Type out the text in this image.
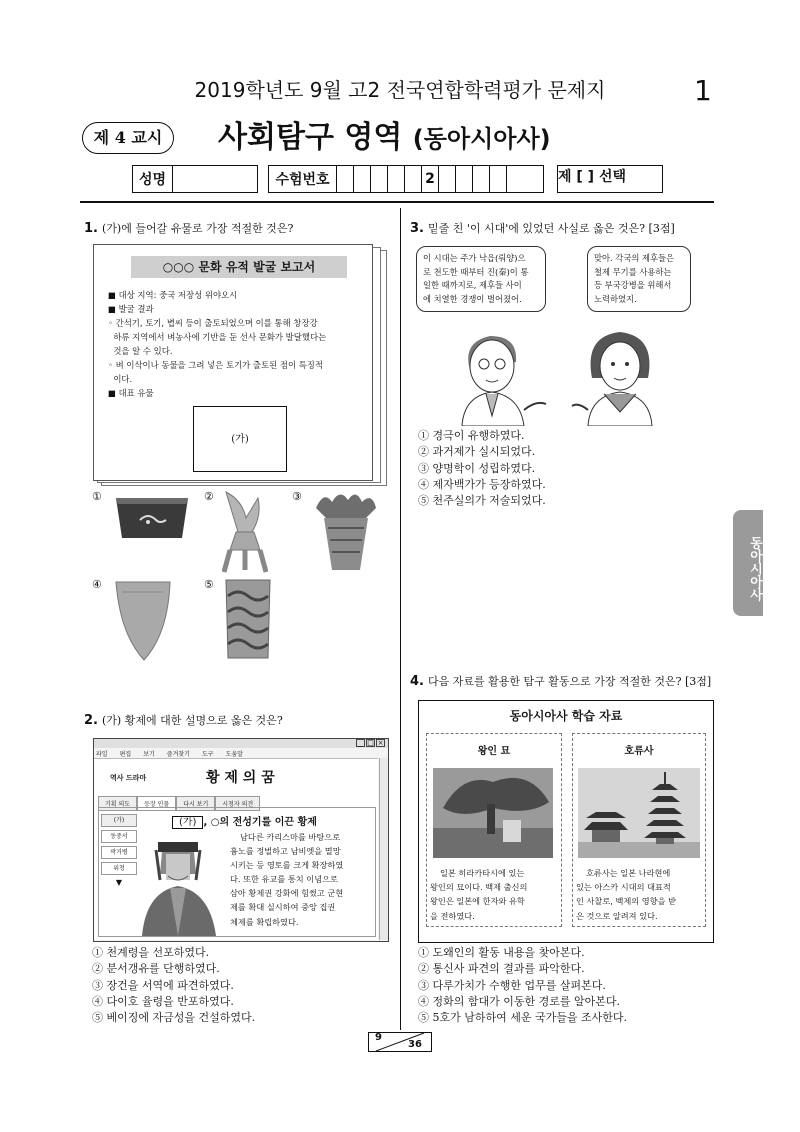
2019학년도 9월 고2 전국연합학력평가 문제지	1
제 4 교시	사회탐구 영역 (동아시아사)
성명	수험번호	2	제 [ ] 선택
동아시아사
1. (가)에 들어갈 유물로 가장 적절한 것은?
○○○ 문화 유적 발굴 보고서
■ 대상 지역: 중국 저장성 위야오시
■ 발굴 결과
◦ 간석기, 토기, 볍씨 등이 출토되었으며 이를 통해 창장강
하류 지역에서 벼농사에 기반을 둔 선사 문화가 발달했다는
것을 알 수 있다.
◦ 벼 이삭이나 동물을 그려 넣은 토기가 출토된 점이 특징적
이다.
■ 대표 유물
(가)
①	②	③
④	⑤
2. (가) 황제에 대한 설명으로 옳은 것은?
_ □ ×
파일 편집 보기 즐겨찾기 도구 도움말
역사 드라마	황 제 의 꿈
기획 의도	등장 인물	다시 보기	시청자 의견
(가)
동중서
곽거병
위청
▼
(가) , ○의 전성기를 이끈 황제
남다른 카리스마를 바탕으로
흉노를 정벌하고 남비엣을 멸망
시키는 등 영토를 크게 확장하였
다. 또한 유교를 통치 이념으로
삼아 황제권 강화에 힘썼고 군현
제를 확대 실시하여 중앙 집권
체제를 확립하였다.
① 천계령을 선포하였다.
② 분서갱유를 단행하였다.
③ 장건을 서역에 파견하였다.
④ 다이호 율령을 반포하였다.
⑤ 베이징에 자금성을 건설하였다.
3. 밑줄 친 '이 시대'에 있었던 사실로 옳은 것은? [3점]
이 시대는 주가 낙읍(뤄양)으
로 천도한 때부터 진(秦)이 통
일한 때까지로, 제후들 사이
에 치열한 경쟁이 벌어졌어.
맞아. 각국의 제후들은
철제 무기를 사용하는
등 부국강병을 위해서
노력하였지.
① 경극이 유행하였다.
② 과거제가 실시되었다.
③ 양명학이 성립하였다.
④ 제자백가가 등장하였다.
⑤ 천주실의가 저술되었다.
4. 다음 자료를 활용한 탐구 활동으로 가장 적절한 것은? [3점]
동아시아사 학습 자료
왕인 묘
일본 히라카타시에 있는
왕인의 묘이다. 백제 출신의
왕인은 일본에 한자와 유학
을 전하였다.
호류사
호류사는 일본 나라현에
있는 아스카 시대의 대표적
인 사찰로, 백제의 영향을 받
은 것으로 알려져 있다.
① 도왜인의 활동 내용을 찾아본다.
② 통신사 파견의 결과를 파악한다.
③ 다루가치가 수행한 업무를 살펴본다.
④ 정화의 함대가 이동한 경로를 알아본다.
⑤ 5호가 남하하여 세운 국가들을 조사한다.
9
36
